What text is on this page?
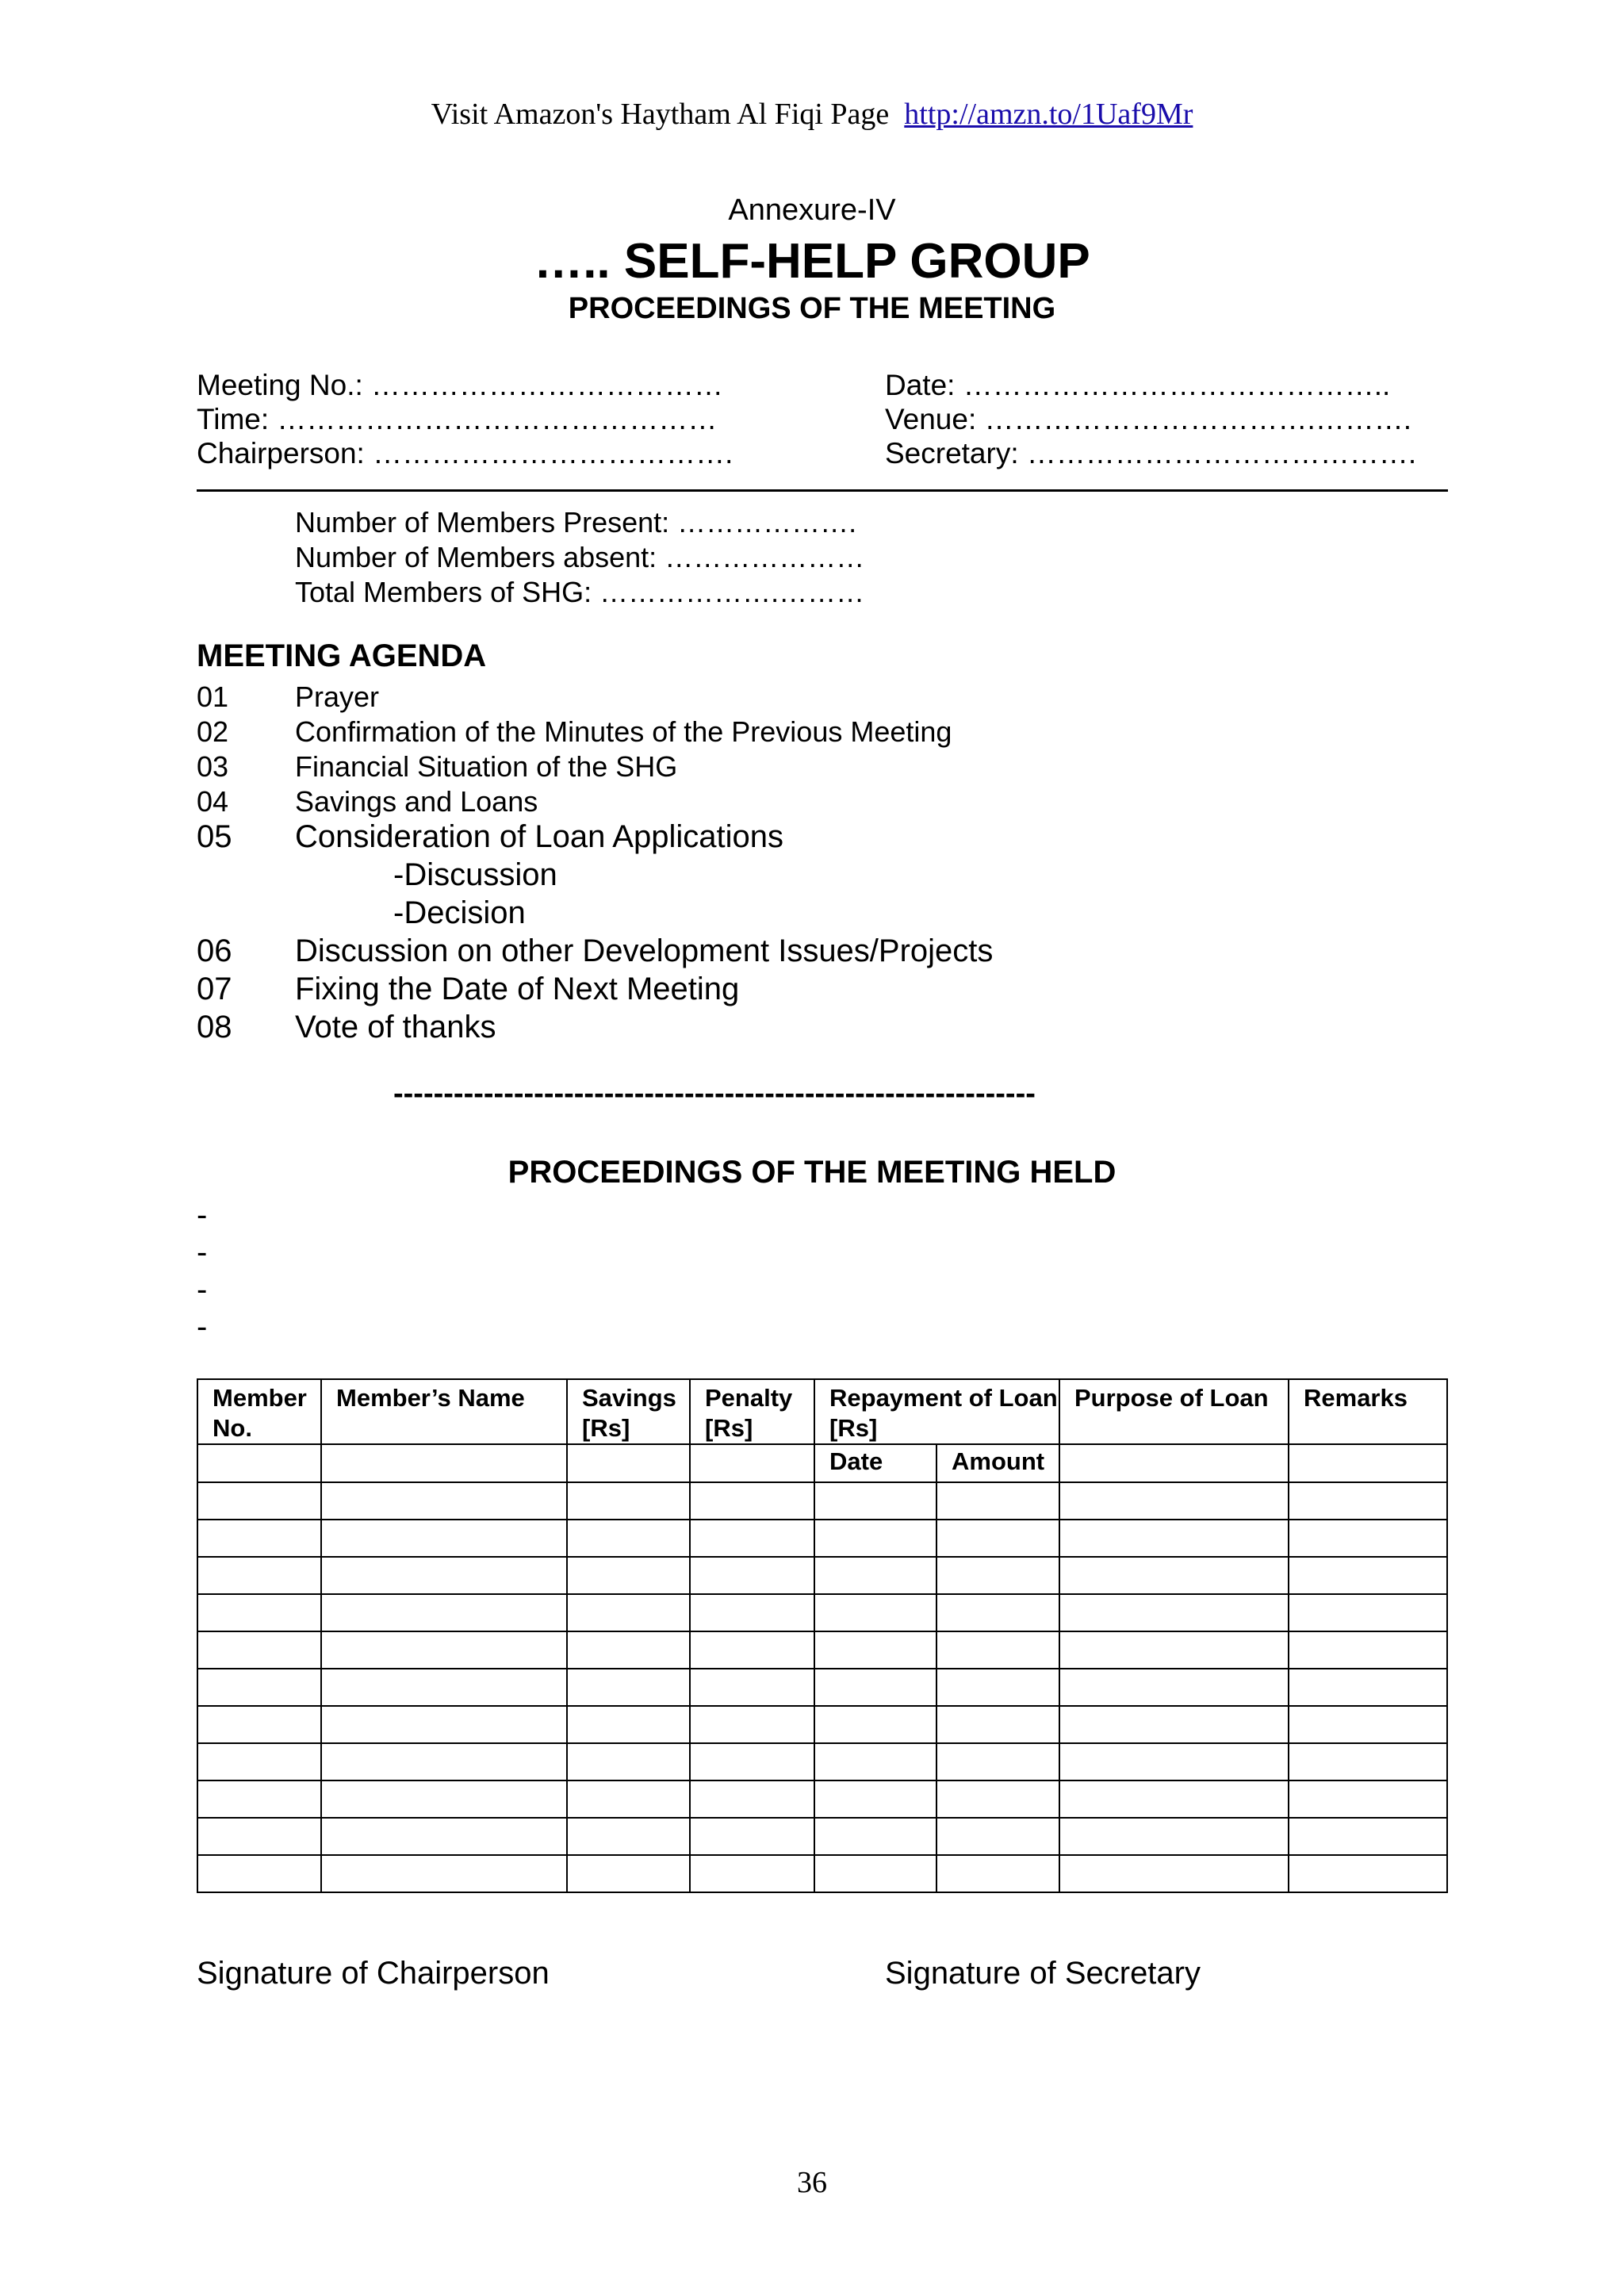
Visit Amazon's Haytham Al Fiqi Page http://amzn.to/1Uaf9Mr
Annexure-IV
….. SELF-HELP GROUP
PROCEEDINGS OF THE MEETING
Meeting No.: ………………………………	Date: ……………………………………..
Time: ………………………………………	Venue: …………………………….……….
Chairperson: ……………………………….	Secretary: ………………………………….
Number of Members Present: ……………….
Number of Members absent: …………………
Total Members of SHG: ……………….………
MEETING AGENDA
01 Prayer
02 Confirmation of the Minutes of the Previous Meeting
03 Financial Situation of the SHG
04 Savings and Loans
05 Consideration of Loan Applications
-Discussion
-Decision
06 Discussion on other Development Issues/Projects
07 Fixing the Date of Next Meeting
08 Vote of thanks
----------------------------------------------------------------
PROCEEDINGS OF THE MEETING HELD
-
-
-
-
Member No.	Member’s Name	Savings [Rs]	Penalty [Rs]	Repayment of Loan [Rs]		Purpose of Loan	Remarks
				Date	Amount		

Signature of Chairperson	Signature of Secretary
36
